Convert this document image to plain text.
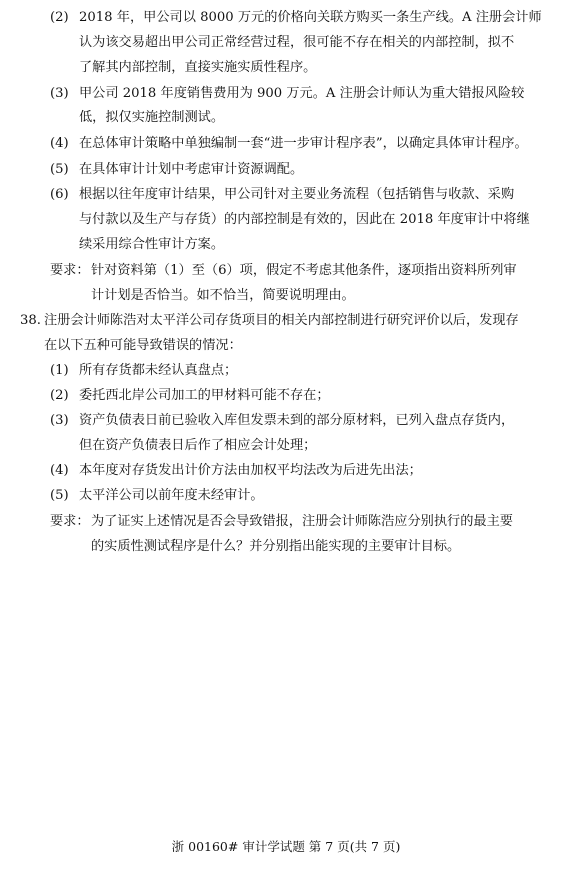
(2) 2018 年，甲公司以 8000 万元的价格向关联方购买一条生产线。A 注册会计师
认为该交易超出甲公司正常经营过程，很可能不存在相关的内部控制，拟不
了解其内部控制，直接实施实质性程序。
(3) 甲公司 2018 年度销售费用为 900 万元。A 注册会计师认为重大错报风险较
低，拟仅实施控制测试。
(4) 在总体审计策略中单独编制一套“进一步审计程序表”，以确定具体审计程序。
(5) 在具体审计计划中考虑审计资源调配。
(6) 根据以往年度审计结果，甲公司针对主要业务流程（包括销售与收款、采购
与付款以及生产与存货）的内部控制是有效的，因此在 2018 年度审计中将继
续采用综合性审计方案。
要求： 针对资料第（1）至（6）项，假定不考虑其他条件，逐项指出资料所列审
计计划是否恰当。如不恰当，简要说明理由。
38. 注册会计师陈浩对太平洋公司存货项目的相关内部控制进行研究评价以后，发现存
在以下五种可能导致错误的情况：
(1) 所有存货都未经认真盘点；
(2) 委托西北岸公司加工的甲材料可能不存在；
(3) 资产负债表日前已验收入库但发票未到的部分原材料，已列入盘点存货内，
但在资产负债表日后作了相应会计处理；
(4) 本年度对存货发出计价方法由加权平均法改为后进先出法；
(5) 太平洋公司以前年度未经审计。
要求： 为了证实上述情况是否会导致错报，注册会计师陈浩应分别执行的最主要
的实质性测试程序是什么？并分别指出能实现的主要审计目标。
浙 00160# 审计学试题 第 7 页(共 7 页)
